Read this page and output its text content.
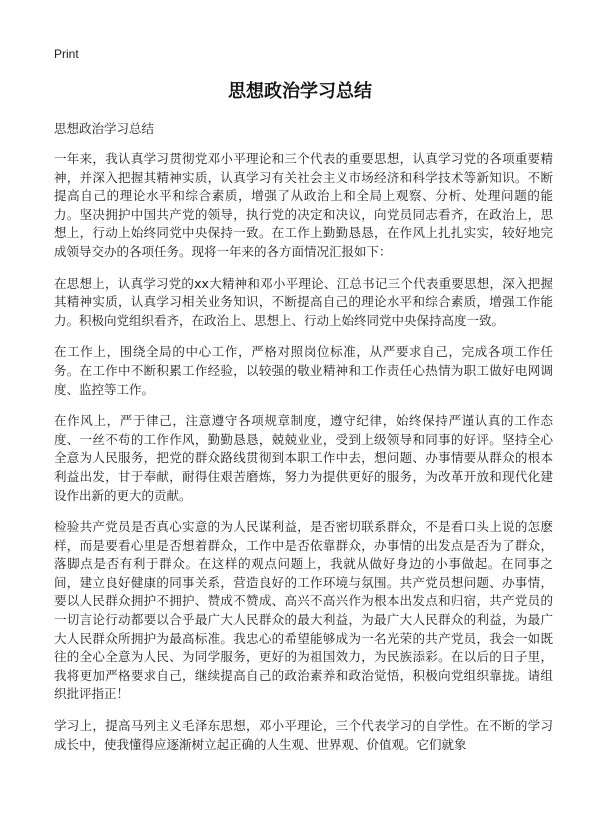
Print
思想政治学习总结
思想政治学习总结

一年来，我认真学习贯彻党邓小平理论和三个代表的重要思想，认真学习党的各项重要精神，并深入把握其精神实质，认真学习有关社会主义市场经济和科学技术等新知识。不断提高自己的理论水平和综合素质，增强了从政治上和全局上观察、分析、处理问题的能力。坚决拥护中国共产党的领导，执行党的决定和决议，向党员同志看齐，在政治上，思想上，行动上始终同党中央保持一致。在工作上勤勤恳恳，在作风上扎扎实实，较好地完成领导交办的各项任务。现将一年来的各方面情况汇报如下：

在思想上，认真学习党的xx大精神和邓小平理论、江总书记三个代表重要思想，深入把握其精神实质，认真学习相关业务知识，不断提高自己的理论水平和综合素质，增强工作能力。积极向党组织看齐，在政治上、思想上、行动上始终同党中央保持高度一致。

在工作上，围绕全局的中心工作，严格对照岗位标准，从严要求自己，完成各项工作任务。在工作中不断积累工作经验，以较强的敬业精神和工作责任心热情为职工做好电网调度、监控等工作。

在作风上，严于律己，注意遵守各项规章制度，遵守纪律，始终保持严谨认真的工作态度、一丝不苟的工作作风，勤勤恳恳，兢兢业业，受到上级领导和同事的好评。坚持全心全意为人民服务，把党的群众路线贯彻到本职工作中去，想问题、办事情要从群众的根本利益出发，甘于奉献，耐得住艰苦磨炼，努力为提供更好的服务，为改革开放和现代化建设作出新的更大的贡献。

检验共产党员是否真心实意的为人民谋利益，是否密切联系群众，不是看口头上说的怎麽样，而是要看心里是否想着群众，工作中是否依靠群众，办事情的出发点是否为了群众，落脚点是否有利于群众。在这样的观点问题上，我就从做好身边的小事做起。在同事之间，建立良好健康的同事关系，营造良好的工作环境与氛围。共产党员想问题、办事情，要以人民群众拥护不拥护、赞成不赞成、高兴不高兴作为根本出发点和归宿，共产党员的一切言论行动都要以合乎最广大人民群众的最大利益，为最广大人民群众的利益，为最广大人民群众所拥护为最高标准。我忠心的希望能够成为一名光荣的共产党员，我会一如既往的全心全意为人民、为同学服务，更好的为祖国效力，为民族添彩。在以后的日子里，我将更加严格要求自己，继续提高自己的政治素养和政治觉悟，积极向党组织靠拢。请组织批评指正！

学习上，提高马列主义毛泽东思想，邓小平理论，三个代表学习的自学性。在不断的学习成长中，使我懂得应逐渐树立起正确的人生观、世界观、价值观。它们就象
